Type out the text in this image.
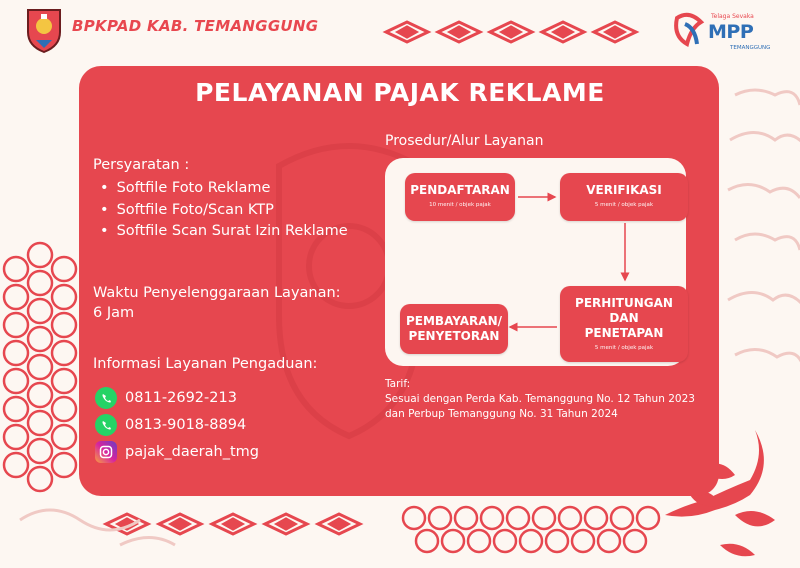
BPKPAD KAB. TEMANGGUNG
Telaga Sevaka
MPP
TEMANGGUNG
PELAYANAN PAJAK REKLAME
Persyaratan :
• Softfile Foto Reklame
• Softfile Foto/Scan KTP
• Softfile Scan Surat Izin Reklame
Waktu Penyelenggaraan Layanan:
6 Jam
Informasi Layanan Pengaduan:
0811-2692-213
0813-9018-8894
pajak_daerah_tmg
Prosedur/Alur Layanan
PENDAFTARAN
10 menit / objek pajak
VERIFIKASI
5 menit / objek pajak
PERHITUNGAN
DAN
PENETAPAN
5 menit / objek pajak
PEMBAYARAN/
PENYETORAN
Tarif:
Sesuai dengan Perda Kab. Temanggung No. 12 Tahun 2023
dan Perbup Temanggung No. 31 Tahun 2024
